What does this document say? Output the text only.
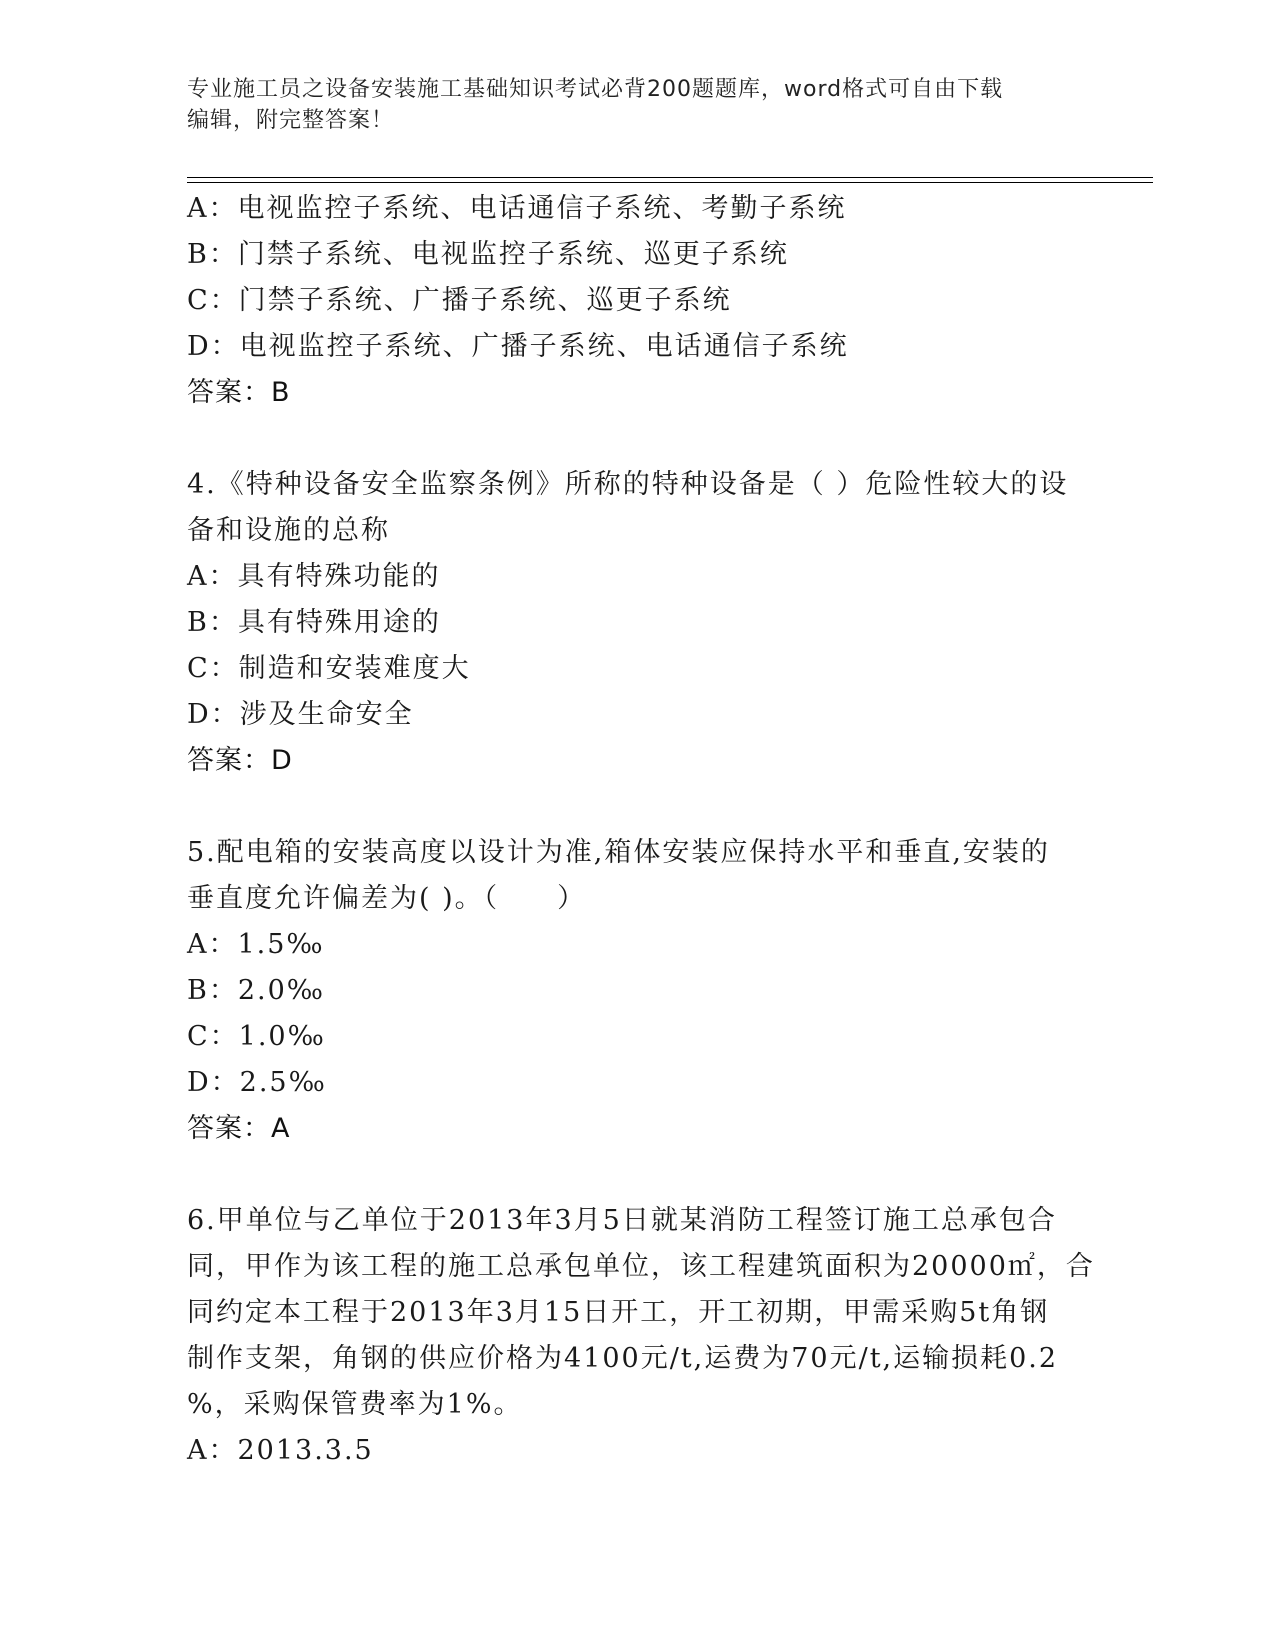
专业施工员之设备安装施工基础知识考试必背200题题库，word格式可自由下载
编辑，附完整答案！
A：电视监控子系统、电话通信子系统、考勤子系统
B：门禁子系统、电视监控子系统、巡更子系统
C：门禁子系统、广播子系统、巡更子系统
D：电视监控子系统、广播子系统、电话通信子系统
答案：B
4.《特种设备安全监察条例》所称的特种设备是（ ）危险性较大的设
备和设施的总称
A：具有特殊功能的
B：具有特殊用途的
C：制造和安装难度大
D：涉及生命安全
答案：D
5.配电箱的安装高度以设计为准,箱体安装应保持水平和垂直,安装的
垂直度允许偏差为( )。（　　）
A：1.5‰
B：2.0‰
C：1.0‰
D：2.5‰
答案：A
6.甲单位与乙单位于2013年3月5日就某消防工程签订施工总承包合
同，甲作为该工程的施工总承包单位，该工程建筑面积为20000㎡，合
同约定本工程于2013年3月15日开工，开工初期，甲需采购5t角钢
制作支架，角钢的供应价格为4100元/t,运费为70元/t,运输损耗0.2
%，采购保管费率为1%。
A：2013.3.5
